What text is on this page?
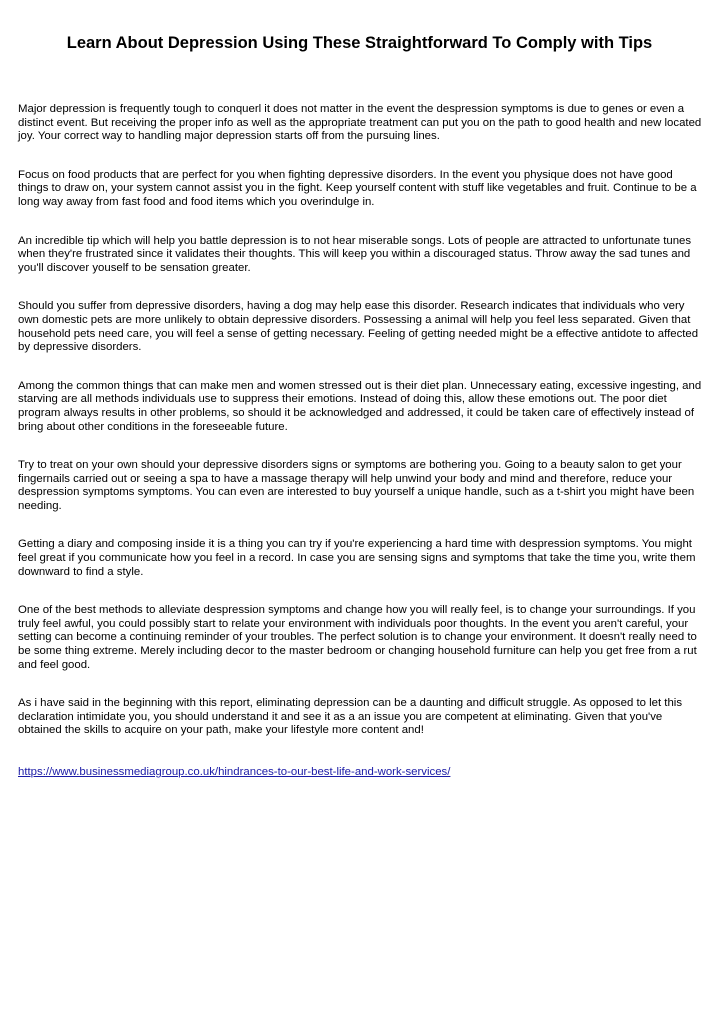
Learn About Depression Using These Straightforward To Comply with Tips

Major depression is frequently tough to conquerl it does not matter in the event the despression symptoms is due to genes or even a distinct event. But receiving the proper info as well as the appropriate treatment can put you on the path to good health and new located joy. Your correct way to handling major depression starts off from the pursuing lines.

Focus on food products that are perfect for you when fighting depressive disorders. In the event you physique does not have good things to draw on, your system cannot assist you in the fight. Keep yourself content with stuff like vegetables and fruit. Continue to be a long way away from fast food and food items which you overindulge in.

An incredible tip which will help you battle depression is to not hear miserable songs. Lots of people are attracted to unfortunate tunes when they're frustrated since it validates their thoughts. This will keep you within a discouraged status. Throw away the sad tunes and you'll discover youself to be sensation greater.

Should you suffer from depressive disorders, having a dog may help ease this disorder. Research indicates that individuals who very own domestic pets are more unlikely to obtain depressive disorders. Possessing a animal will help you feel less separated. Given that household pets need care, you will feel a sense of getting necessary. Feeling of getting needed might be a effective antidote to affected by depressive disorders.

Among the common things that can make men and women stressed out is their diet plan. Unnecessary eating, excessive ingesting, and starving are all methods individuals use to suppress their emotions. Instead of doing this, allow these emotions out. The poor diet program always results in other problems, so should it be acknowledged and addressed, it could be taken care of effectively instead of bring about other conditions in the foreseeable future.

Try to treat on your own should your depressive disorders signs or symptoms are bothering you. Going to a beauty salon to get your fingernails carried out or seeing a spa to have a massage therapy will help unwind your body and mind and therefore, reduce your despression symptoms symptoms. You can even are interested to buy yourself a unique handle, such as a t-shirt you might have been needing.

Getting a diary and composing inside it is a thing you can try if you're experiencing a hard time with despression symptoms. You might feel great if you communicate how you feel in a record. In case you are sensing signs and symptoms that take the time you, write them downward to find a style.

One of the best methods to alleviate despression symptoms and change how you will really feel, is to change your surroundings. If you truly feel awful, you could possibly start to relate your environment with individuals poor thoughts. In the event you aren't careful, your setting can become a continuing reminder of your troubles. The perfect solution is to change your environment. It doesn't really need to be some thing extreme. Merely including decor to the master bedroom or changing household furniture can help you get free from a rut and feel good.

As i have said in the beginning with this report, eliminating depression can be a daunting and difficult struggle. As opposed to let this declaration intimidate you, you should understand it and see it as a an issue you are competent at eliminating. Given that you've obtained the skills to acquire on your path, make your lifestyle more content and!

https://www.businessmediagroup.co.uk/hindrances-to-our-best-life-and-work-services/
